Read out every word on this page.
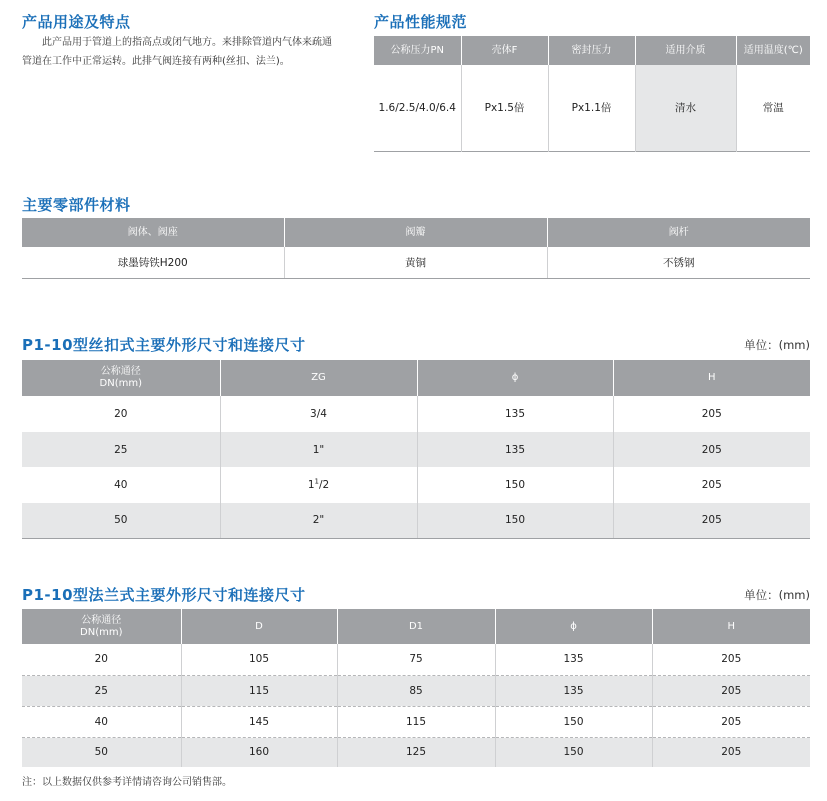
产品用途及特点
此产品用于管道上的指高点或闭气地方。来排除管道内气体来疏通管道在工作中正常运转。此排气阀连接有两种(丝扣、法兰)。
产品性能规范
公称压力PN	壳体F	密封压力	适用介质	适用温度(℃)
1.6/2.5/4.0/6.4	Px1.5倍	Px1.1倍	清水	常温
主要零部件材料
阀体、阀座	阀瓣	阀杆
球墨铸铁H200	黄铜	不锈钢
P1-10型丝扣式主要外形尺寸和连接尺寸	单位：(mm)
公称通径
DN(mm)	ZG	ϕ	H
20	3/4	135	205
25	1"	135	205
40	$1^1/2$	150	205
50	2"	150	205
P1-10型法兰式主要外形尺寸和连接尺寸	单位：(mm)
公称通径
DN(mm)	D	D1	ϕ	H
20	105	75	135	205
25	115	85	135	205
40	145	115	150	205
50	160	125	150	205
注：以上数据仅供参考详情请咨询公司销售部。
